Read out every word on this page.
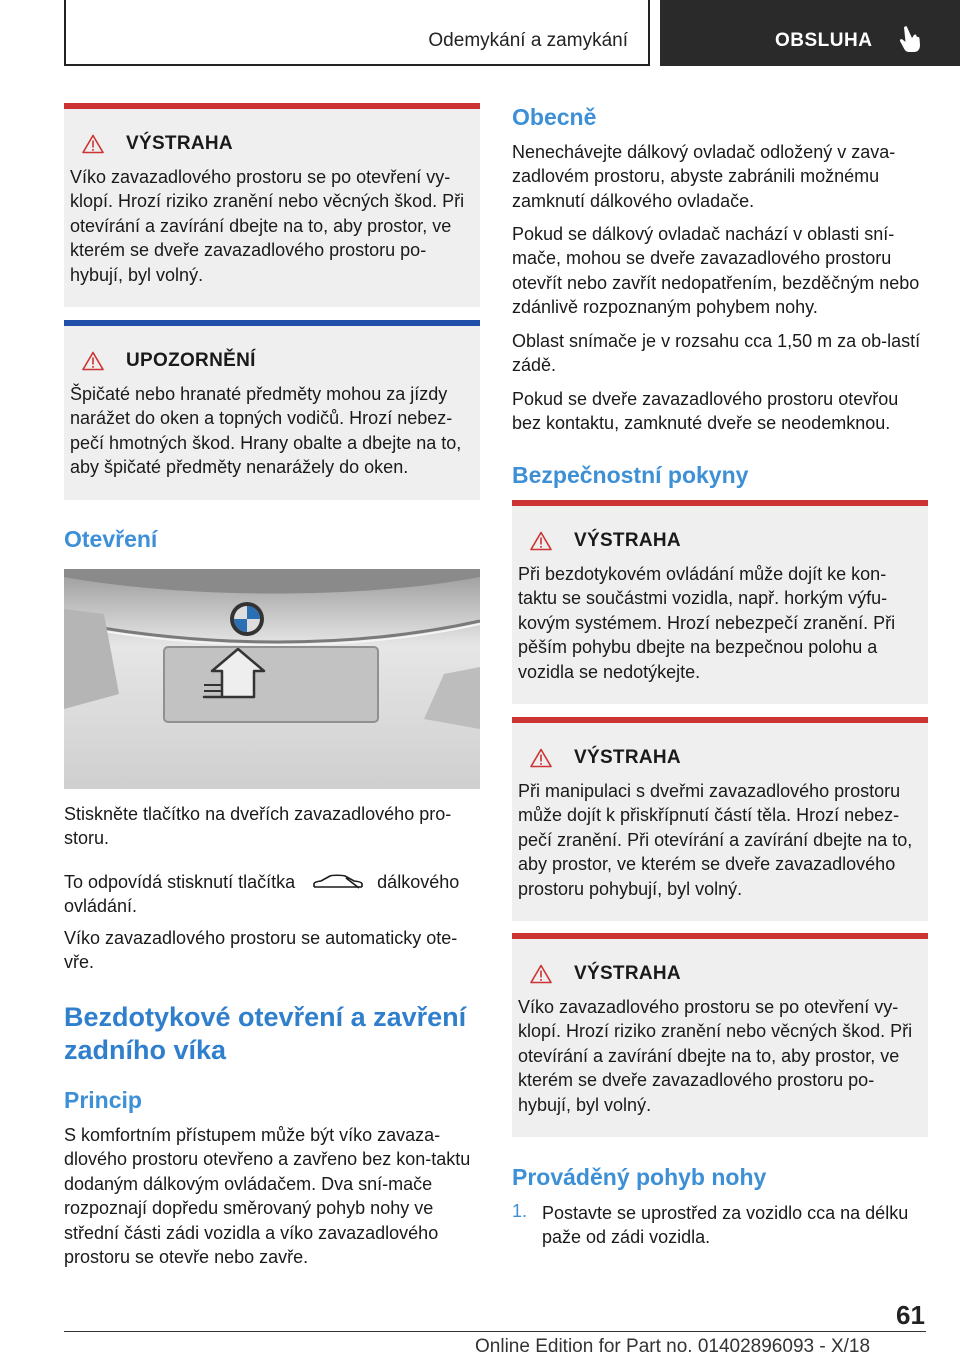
Odemykání a zamykání	OBSLUHA
VÝSTRAHA
Víko zavazadlového prostoru se po otevření vy-klopí. Hrozí riziko zranění nebo věcných škod. Při otevírání a zavírání dbejte na to, aby prostor, ve kterém se dveře zavazadlového prostoru po-hybují, byl volný.
UPOZORNĚNÍ
Špičaté nebo hranaté předměty mohou za jízdy narážet do oken a topných vodičů. Hrozí nebez-pečí hmotných škod. Hrany obalte a dbejte na to, aby špičaté předměty nenarážely do oken.
Otevření
Stiskněte tlačítko na dveřích zavazadlového pro-storu.
To odpovídá stisknutí tlačítka	dálkového
ovládání.
Víko zavazadlového prostoru se automaticky ote-vře.
Bezdotykové otevření a zavření
zadního víka
Princip
S komfortním přístupem může být víko zavaza-dlového prostoru otevřeno a zavřeno bez kon-taktu dodaným dálkovým ovládačem. Dva sní-mače rozpoznají dopředu směrovaný pohyb nohy ve střední části zádi vozidla a víko zavazadlového prostoru se otevře nebo zavře.
Obecně
Nenechávejte dálkový ovladač odložený v zava-zadlovém prostoru, abyste zabránili možnému zamknutí dálkového ovladače.
Pokud se dálkový ovladač nachází v oblasti sní-mače, mohou se dveře zavazadlového prostoru otevřít nebo zavřít nedopatřením, bezděčným nebo zdánlivě rozpoznaným pohybem nohy.
Oblast snímače je v rozsahu cca 1,50 m za ob-lastí zádě.
Pokud se dveře zavazadlového prostoru otevřou bez kontaktu, zamknuté dveře se neodemknou.
Bezpečnostní pokyny
VÝSTRAHA
Při bezdotykovém ovládání může dojít ke kon-taktu se součástmi vozidla, např. horkým výfu-kovým systémem. Hrozí nebezpečí zranění. Při pěším pohybu dbejte na bezpečnou polohu a vozidla se nedotýkejte.
VÝSTRAHA
Při manipulaci s dveřmi zavazadlového prostoru může dojít k přiskřípnutí částí těla. Hrozí nebez-pečí zranění. Při otevírání a zavírání dbejte na to, aby prostor, ve kterém se dveře zavazadlového prostoru pohybují, byl volný.
VÝSTRAHA
Víko zavazadlového prostoru se po otevření vy-klopí. Hrozí riziko zranění nebo věcných škod. Při otevírání a zavírání dbejte na to, aby prostor, ve kterém se dveře zavazadlového prostoru po-hybují, byl volný.
Prováděný pohyb nohy
1. Postavte se uprostřed za vozidlo cca na délku paže od zádi vozidla.
61
Online Edition for Part no. 01402896093 - X/18
